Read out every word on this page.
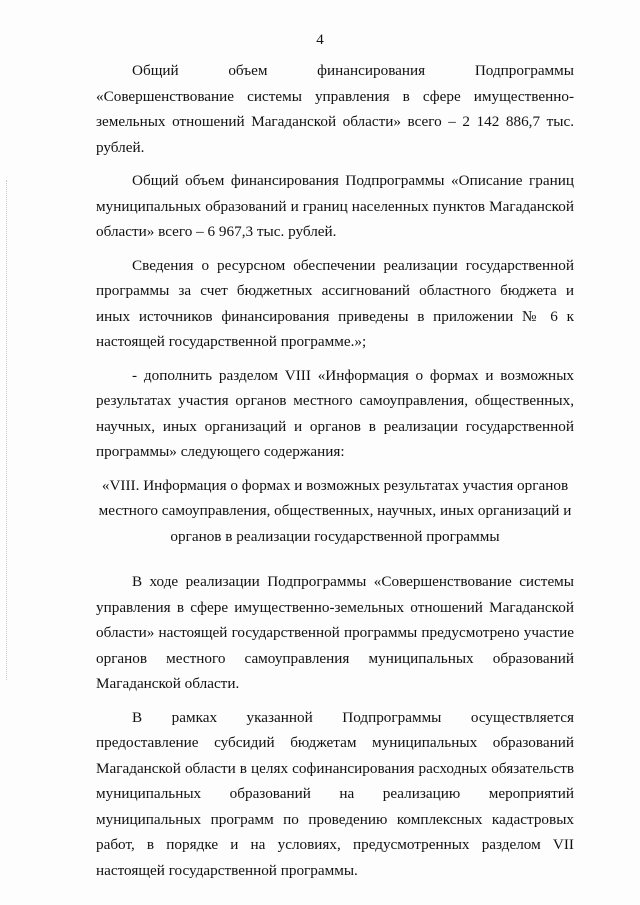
4

Общий объем финансирования Подпрограммы «Совершенствование системы управления в сфере имущественно-земельных отношений Магаданской области» всего – 2 142 886,7 тыс. рублей.

Общий объем финансирования Подпрограммы «Описание границ муниципальных образований и границ населенных пунктов Магаданской области» всего – 6 967,3 тыс. рублей.

Сведения о ресурсном обеспечении реализации государственной программы за счет бюджетных ассигнований областного бюджета и иных источников финансирования приведены в приложении № 6 к настоящей государственной программе.»;

- дополнить разделом VIII «Информация о формах и возможных результатах участия органов местного самоуправления, общественных, научных, иных организаций и органов в реализации государственной программы» следующего содержания:

«VIII. Информация о формах и возможных результатах участия органов
местного самоуправления, общественных, научных, иных организаций и
органов в реализации государственной программы

В ходе реализации Подпрограммы «Совершенствование системы управления в сфере имущественно-земельных отношений Магаданской области» настоящей государственной программы предусмотрено участие органов местного самоуправления муниципальных образований Магаданской области.

В рамках указанной Подпрограммы осуществляется предоставление субсидий бюджетам муниципальных образований Магаданской области в целях софинансирования расходных обязательств муниципальных образований на реализацию мероприятий муниципальных программ по проведению комплексных кадастровых работ, в порядке и на условиях, предусмотренных разделом VII настоящей государственной программы.
